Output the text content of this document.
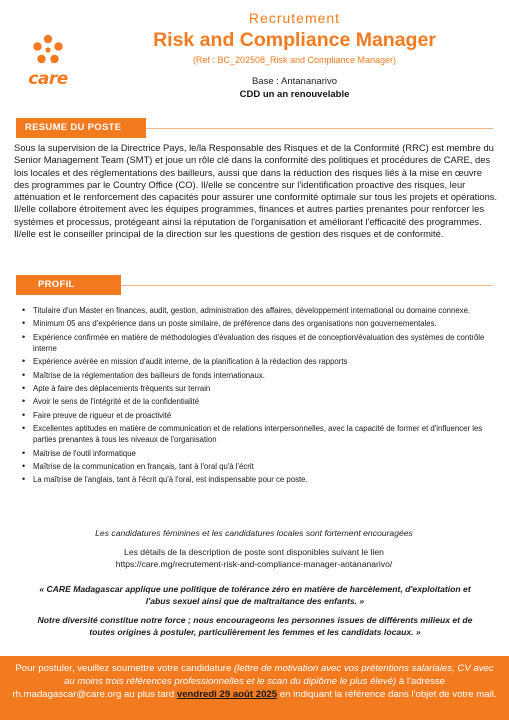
care
Recrutement
Risk and Compliance Manager
(Ref : BC_202508_Risk and Compliance Manager)
Base : Antananarivo
CDD un an renouvelable
RESUME DU POSTE

Sous la supervision de la Directrice Pays, le/la Responsable des Risques et de la Conformité (RRC) est membre du Senior Management Team (SMT) et joue un rôle clé dans la conformité des politiques et procédures de CARE, des lois locales et des réglementations des bailleurs, aussi que dans la réduction des risques liés à la mise en œuvre des programmes par le Country Office (CO). Il/elle se concentre sur l'identification proactive des risques, leur atténuation et le renforcement des capacités pour assurer une conformité optimale sur tous les projets et opérations. Il/elle collabore étroitement avec les équipes programmes, finances et autres parties prenantes pour renforcer les systèmes et processus, protégeant ainsi la réputation de l'organisation et améliorant l'efficacité des programmes. Il/elle est le conseiller principal de la direction sur les questions de gestion des risques et de conformité.

PROFIL
• Titulaire d'un Master en finances, audit, gestion, administration des affaires, développement international ou domaine connexe.
• Minimum 05 ans d'expérience dans un poste similaire, de préférence dans des organisations non gouvernementales.
• Expérience confirmée en matière de méthodologies d'évaluation des risques et de conception/évaluation des systèmes de contrôle interne
• Expérience avérée en mission d'audit interne, de la planification à la rédaction des rapports
• Maîtrise de la réglementation des bailleurs de fonds internationaux.
• Apte à faire des déplacements fréquents sur terrain
• Avoir le sens de l'intégrité et de la confidentialité
• Faire preuve de rigueur et de proactivité
• Excellentes aptitudes en matière de communication et de relations interpersonnelles, avec la capacité de former et d'influencer les parties prenantes à tous les niveaux de l'organisation
• Maitrise de l'outil informatique
• Maîtrise de la communication en français, tant à l'oral qu'à l'écrit
• La maîtrise de l'anglais, tant à l'écrit qu'à l'oral, est indispensable pour ce poste.
Les candidatures féminines et les candidatures locales sont fortement encouragées
Les détails de la description de poste sont disponibles suivant le lien
https://care.mg/recrutement-risk-and-compliance-manager-antananarivo/
« CARE Madagascar applique une politique de tolérance zéro en matière de harcèlement, d'exploitation et l'abus sexuel ainsi que de maltraitance des enfants. »
Notre diversité constitue notre force ; nous encourageons les personnes issues de différents milieux et de toutes origines à postuler, particulièrement les femmes et les candidats locaux. »
Pour postuler, veuillez soumettre votre candidature (lettre de motivation avec vos prétentions salariales, CV avec au moins trois références professionnelles et le scan du diplôme le plus élevé) à l'adresse rh.madagascar@care.org au plus tard vendredi 29 août 2025 en indiquant la référence dans l'objet de votre mail.
